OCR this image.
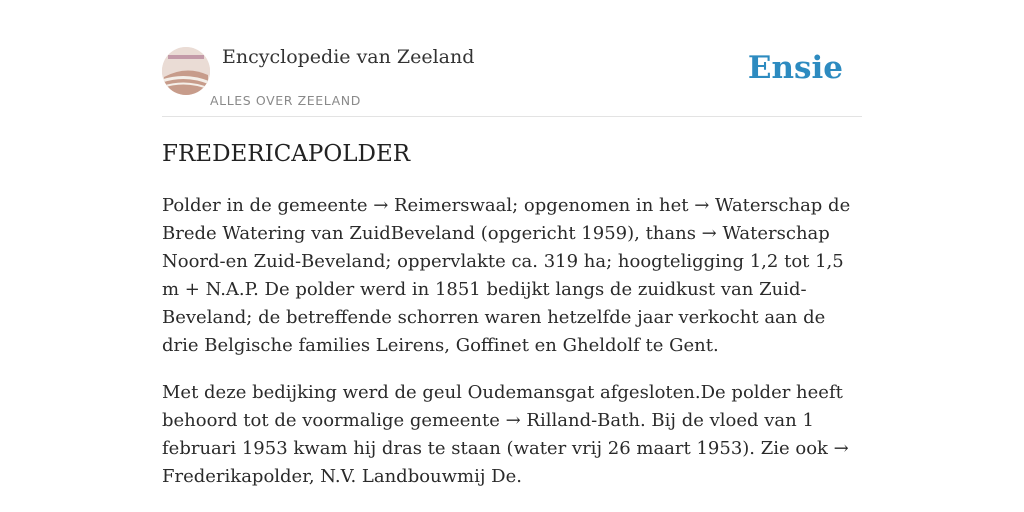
Encyclopedie van Zeeland
ALLES OVER ZEELAND
Ensie
FREDERICAPOLDER

Polder in de gemeente → Reimerswaal; opgenomen in het → Waterschap de Brede Watering van ZuidBeveland (opgericht 1959), thans → Waterschap Noord-en Zuid-Beveland; oppervlakte ca. 319 ha; hoogteligging 1,2 tot 1,5 m + N.A.P. De polder werd in 1851 bedijkt langs de zuidkust van Zuid-Beveland; de betreffende schorren waren hetzelfde jaar verkocht aan de drie Belgische families Leirens, Goffinet en Gheldolf te Gent.

Met deze bedijking werd de geul Oudemansgat afgesloten.De polder heeft behoord tot de voormalige gemeente → Rilland-Bath. Bij de vloed van 1 februari 1953 kwam hij dras te staan (water vrij 26 maart 1953). Zie ook → Frederikapolder, N.V. Landbouwmij De.
